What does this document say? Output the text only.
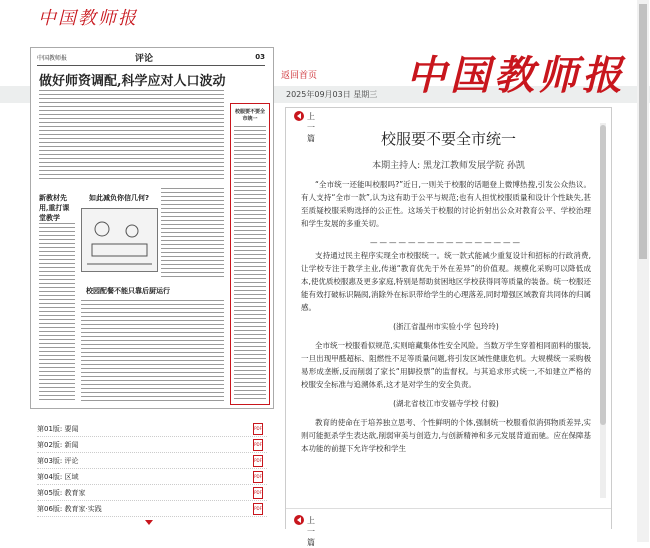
中国教师报
中国教师报
返回首页
2025年09月03日 星期三
中国教师报	评论	03
做好师资调配,科学应对人口波动
新教材先用,重打课堂教学
如此减负你信几何?
校园配餐不能只靠后厨运行
校服要不要全市统一
第01版: 要闻	PDF
第02版: 新闻	PDF
第03版: 评论	PDF
第04版: 区域	PDF
第05版: 教育家	PDF
第06版: 教育家·实践	PDF
上一篇	校服要不要全市统一
本期主持人: 黑龙江教师发展学院 孙凯

“全市统一还能叫校服吗?”近日,一则关于校服的话题登上微博热搜,引发公众热议。有人支持“全市一款”,认为这有助于公平与规范;也有人担忧校服质量和设计个性缺失,甚至质疑校服采购选择的公正性。这场关于校服的讨论折射出公众对教育公平、学校治理和学生发展的多重关切。

————————————————

支持通过民主程序实现全市校服统一。统一款式能减少重复设计和招标的行政消费,让学校专注于教学主业,传递“教育优先于外在差异”的价值观。规模化采购可以降低成本,使优质校服惠及更多家庭,特别是帮助贫困地区学校获得同等质量的装备。统一校服还能有效打破标识隔阂,消除外在标识带给学生的心理落差,同时增强区域教育共同体的归属感。

(浙江省温州市实验小学 包玲玲)

全市统一校服看似规范,实则暗藏集体性安全风险。当数万学生穿着相同面料的服装,一旦出现甲醛超标、阻燃性不足等质量问题,将引发区域性健康危机。大规模统一采购极易形成垄断,反而削弱了家长“用脚投票”的监督权。与其追求形式统一,不如建立严格的校服安全标准与追溯体系,这才是对学生的安全负责。

(湖北省枝江市安福寺学校 付毅)

教育的使命在于培养独立思考、个性鲜明的个体,强制统一校服看似消弭物质差异,实则可能扼杀学生表达欲,削弱审美与创造力,与创新精神和多元发展背道而驰。应在保障基本功能的前提下允许学校和学生

上一篇
